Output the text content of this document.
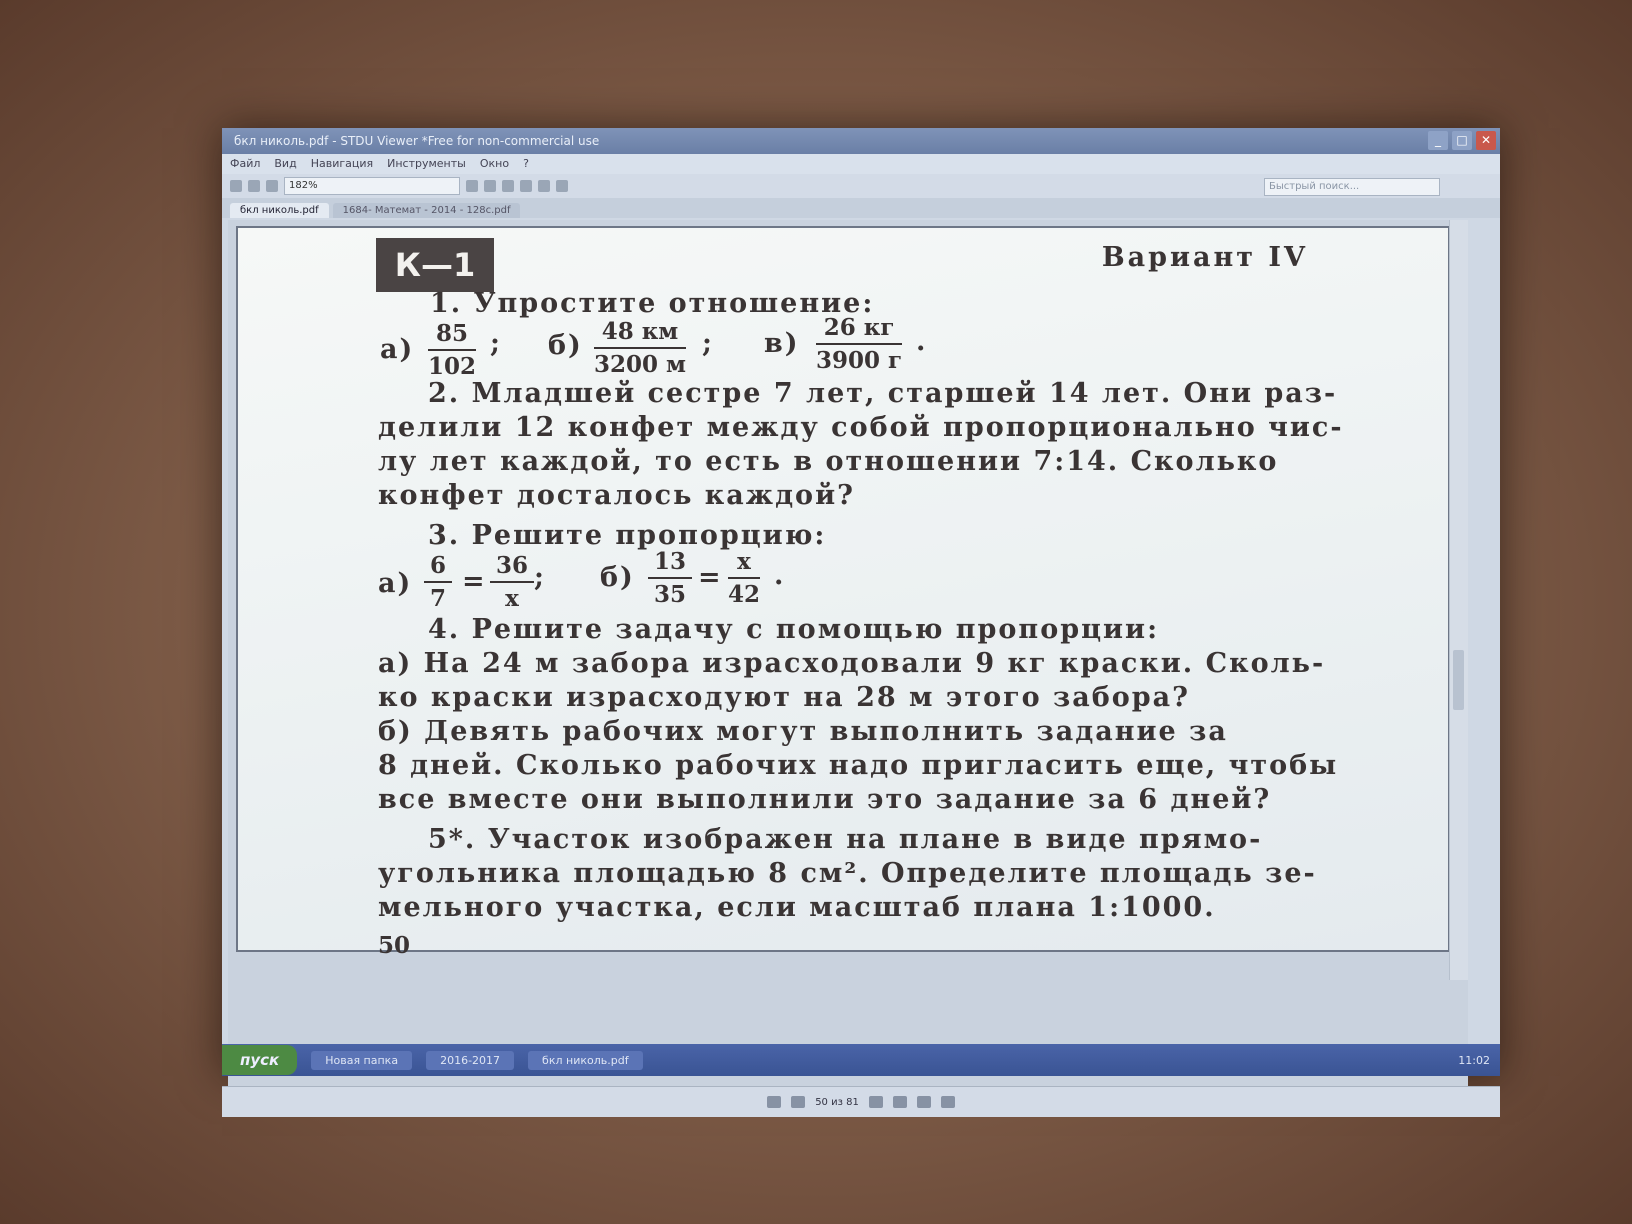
бкл николь.pdf - STDU Viewer *Free for non-commercial use	_	□	✕
Файл Вид Навигация Инструменты Окно ?
182%	Быстрый поиск...
бкл николь.pdf	1684- Математ - 2014 - 128с.pdf
К—1	Вариант IV
1. Упростите отношение:
$а) \frac{85}{102}$ ; б) 48 км
3200 м
; в)
26 кг
3900 г
.
2. Младшей сестре 7 лет, старшей 14 лет. Они раз-
делили 12 конфет между собой пропорционально чис-
лу лет каждой, то есть в отношении 7:14. Сколько
конфет досталось каждой?
3. Решите пропорцию:
$а) \frac{6}{7} = \frac{36}{x}$ ; $б) \frac{13}{35} = \frac{x}{42}$ .
4. Решите задачу с помощью пропорции:
а) На 24 м забора израсходовали 9 кг краски. Сколь-
ко краски израсходуют на 28 м этого забора?
б) Девять рабочих могут выполнить задание за
8 дней. Сколько рабочих надо пригласить еще, чтобы
все вместе они выполнили это задание за 6 дней?
5*. Участок изображен на плане в виде прямо-
угольника площадью 8 см². Определите площадь зе-
мельного участка, если масштаб плана 1:1000.
50
50 из 81
пуск	Новая папка	2016-2017	бкл николь.pdf	11:02
